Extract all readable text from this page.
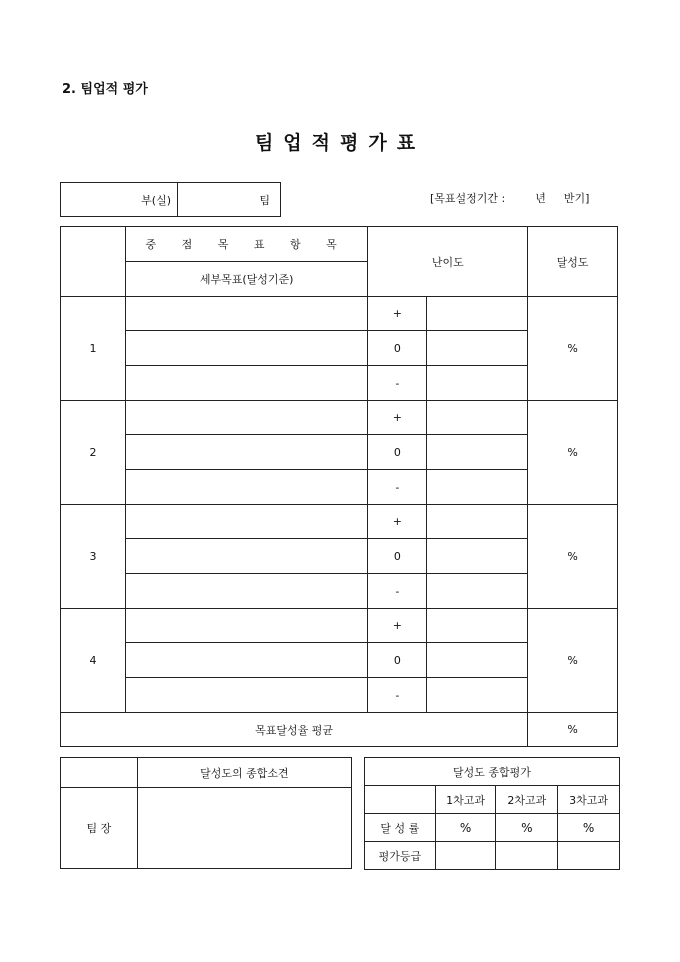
2. 팀업적 평가
팀업적평가표
부(실)	팀	[목표설정기간 :	년 반기]
	중 점 목 표 항 목	난이도		달성도
	세부목표(달성기준)			
1		+		%
		0		
		-		
2		+		%
		0		
		-		
3		+		%
		0		
		-		
4		+		%
		0		
		-		
목표달성율 평균				%
	달성도의 종합소견
팀 장	
달성도 종합평가			
	1차고과	2차고과	3차고과
달 성 률	%	%	%
평가등급			
